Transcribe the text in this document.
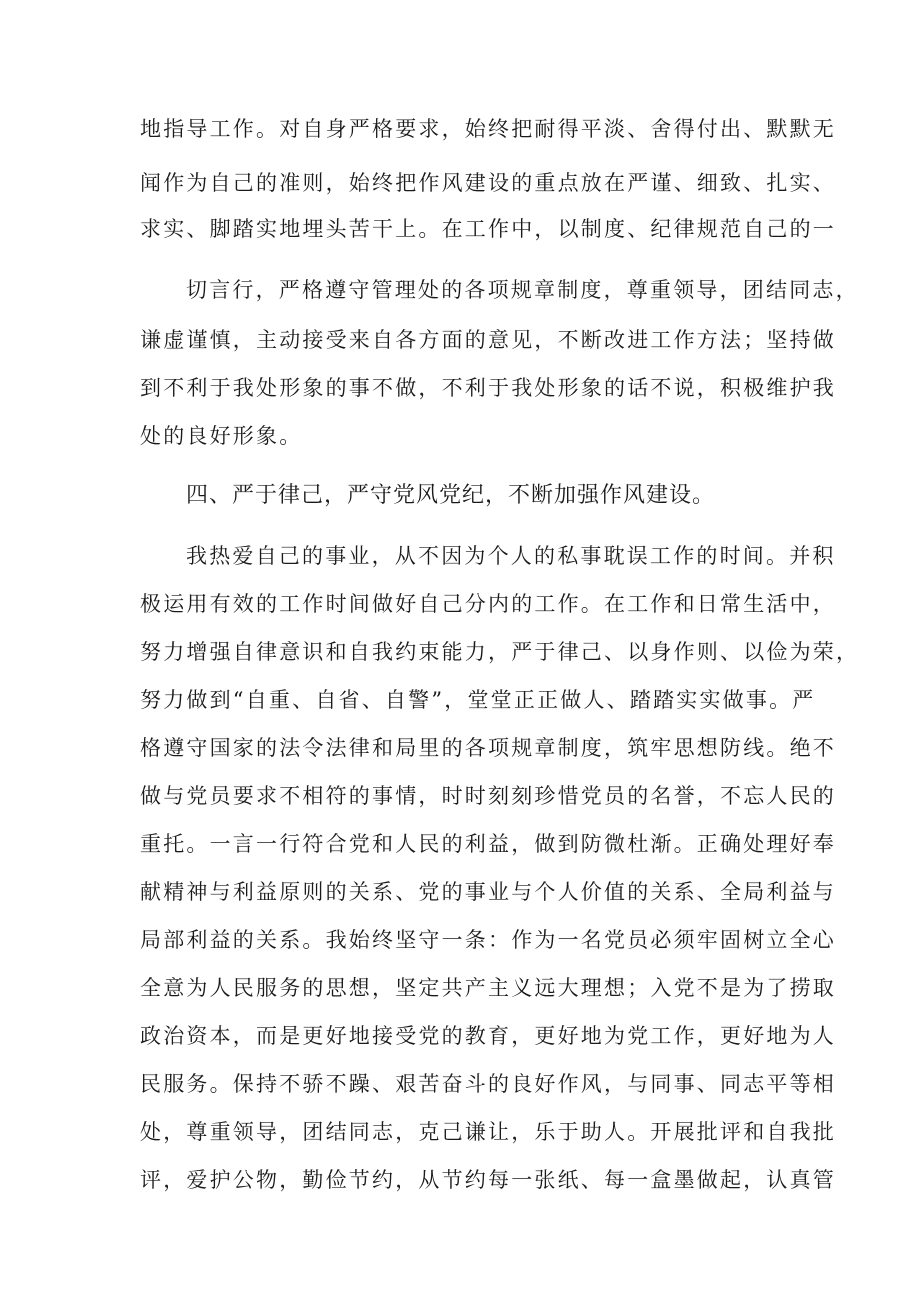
地指导工作。对自身严格要求，始终把耐得平淡、舍得付出、默默无
闻作为自己的准则，始终把作风建设的重点放在严谨、细致、扎实、
求实、脚踏实地埋头苦干上。在工作中，以制度、纪律规范自己的一
切言行，严格遵守管理处的各项规章制度，尊重领导，团结同志，
谦虚谨慎，主动接受来自各方面的意见，不断改进工作方法；坚持做
到不利于我处形象的事不做，不利于我处形象的话不说，积极维护我
处的良好形象。
四、严于律己，严守党风党纪，不断加强作风建设。
我热爱自己的事业，从不因为个人的私事耽误工作的时间。并积
极运用有效的工作时间做好自己分内的工作。在工作和日常生活中，
努力增强自律意识和自我约束能力，严于律己、以身作则、以俭为荣，
努力做到“自重、自省、自警”，堂堂正正做人、踏踏实实做事。严
格遵守国家的法令法律和局里的各项规章制度，筑牢思想防线。绝不
做与党员要求不相符的事情，时时刻刻珍惜党员的名誉，不忘人民的
重托。一言一行符合党和人民的利益，做到防微杜渐。正确处理好奉
献精神与利益原则的关系、党的事业与个人价值的关系、全局利益与
局部利益的关系。我始终坚守一条：作为一名党员必须牢固树立全心
全意为人民服务的思想，坚定共产主义远大理想；入党不是为了捞取
政治资本，而是更好地接受党的教育，更好地为党工作，更好地为人
民服务。保持不骄不躁、艰苦奋斗的良好作风，与同事、同志平等相
处，尊重领导，团结同志，克己谦让，乐于助人。开展批评和自我批
评，爱护公物，勤俭节约，从节约每一张纸、每一盒墨做起，认真管
